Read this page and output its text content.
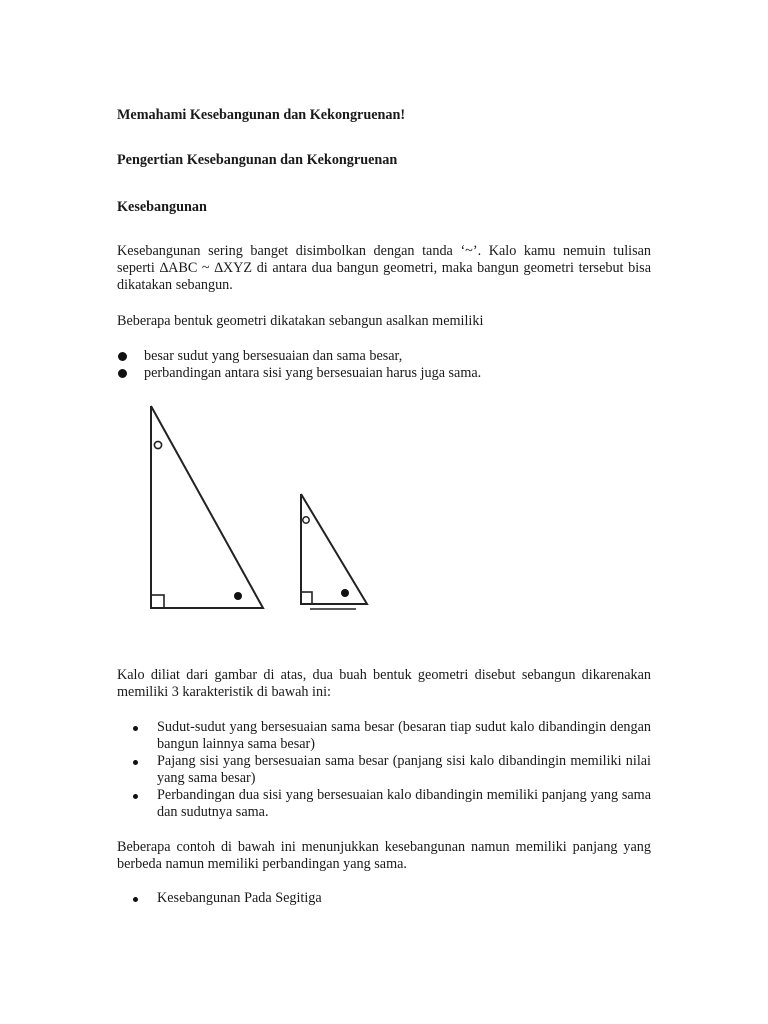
Memahami Kesebangunan dan Kekongruenan!

Pengertian Kesebangunan dan Kekongruenan

Kesebangunan

Kesebangunan sering banget disimbolkan dengan tanda ‘~’. Kalo kamu nemuin tulisan seperti ∆ABC ~ ∆XYZ di antara dua bangun geometri, maka bangun geometri tersebut bisa dikatakan sebangun.

Beberapa bentuk geometri dikatakan sebangun asalkan memiliki

besar sudut yang bersesuaian dan sama besar,
perbandingan antara sisi yang bersesuaian harus juga sama.

Kalo diliat dari gambar di atas, dua buah bentuk geometri disebut sebangun dikarenakan memiliki 3 karakteristik di bawah ini:

Sudut-sudut yang bersesuaian sama besar (besaran tiap sudut kalo dibandingin dengan bangun lainnya sama besar)
Pajang sisi yang bersesuaian sama besar (panjang sisi kalo dibandingin memiliki nilai yang sama besar)
Perbandingan dua sisi yang bersesuaian kalo dibandingin memiliki panjang yang sama dan sudutnya sama.

Beberapa contoh di bawah ini menunjukkan kesebangunan namun memiliki panjang yang berbeda namun memiliki perbandingan yang sama.

Kesebangunan Pada Segitiga
